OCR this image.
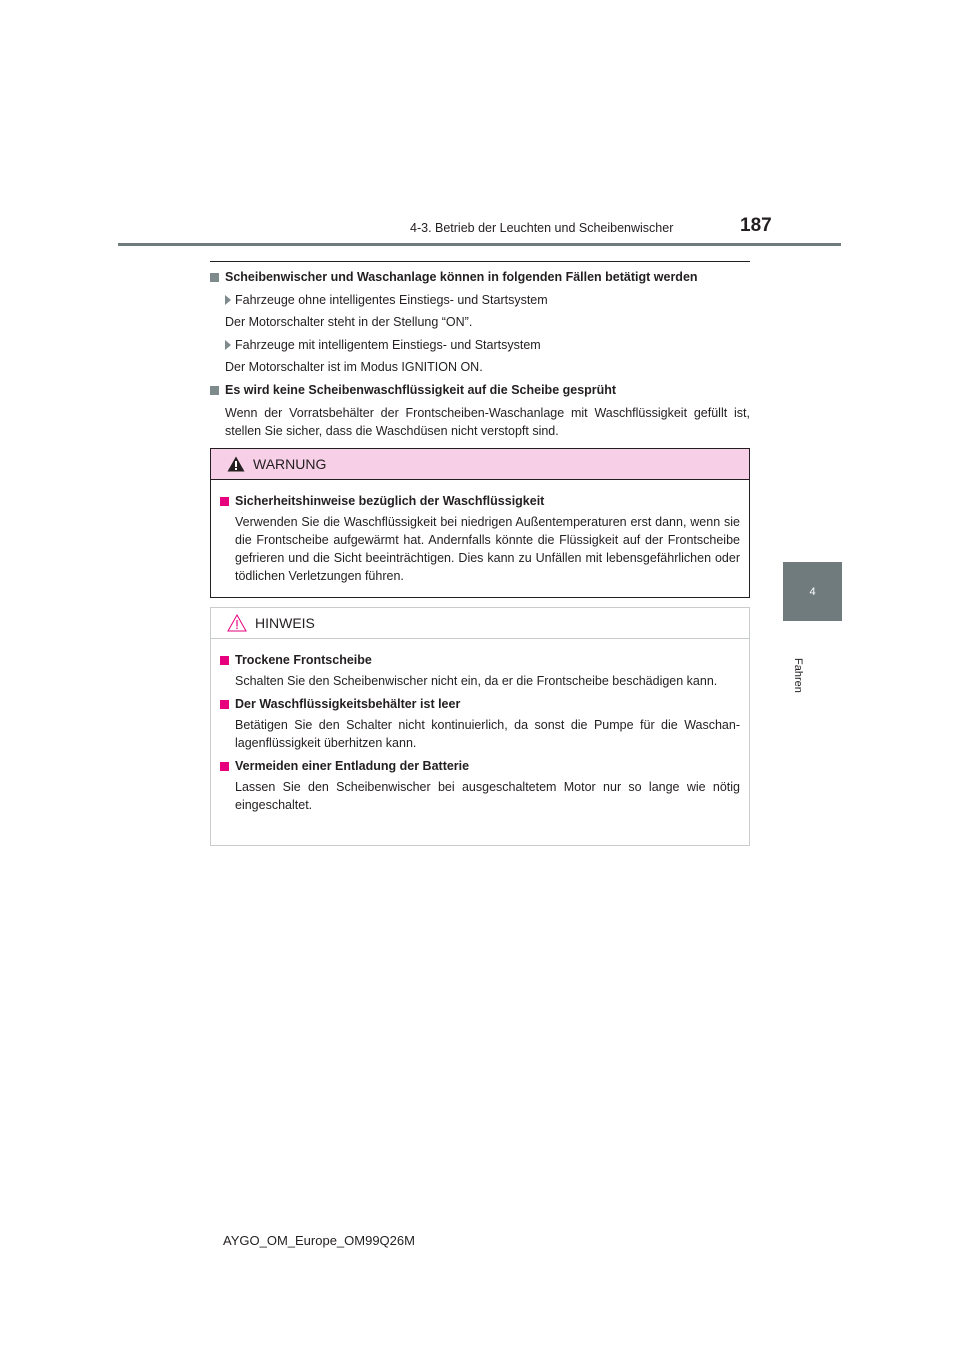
4-3. Betrieb der Leuchten und Scheibenwischer	187
4
Fahren
Scheibenwischer und Waschanlage können in folgenden Fällen betätigt werden
Fahrzeuge ohne intelligentes Einstiegs- und Startsystem
Der Motorschalter steht in der Stellung “ON”.
Fahrzeuge mit intelligentem Einstiegs- und Startsystem
Der Motorschalter ist im Modus IGNITION ON.
Es wird keine Scheibenwaschflüssigkeit auf die Scheibe gesprüht
Wenn der Vorratsbehälter der Frontscheiben-Waschanlage mit Waschflüssigkeit gefüllt ist, stellen Sie sicher, dass die Waschdüsen nicht verstopft sind.
WARNUNG
Sicherheitshinweise bezüglich der Waschflüssigkeit
Verwenden Sie die Waschflüssigkeit bei niedrigen Außentemperaturen erst dann, wenn sie die Frontscheibe aufgewärmt hat. Andernfalls könnte die Flüssigkeit auf der Frontscheibe gefrieren und die Sicht beeinträchtigen. Dies kann zu Unfällen mit lebensgefährlichen oder tödlichen Verletzungen führen.
HINWEIS
Trockene Frontscheibe
Schalten Sie den Scheibenwischer nicht ein, da er die Frontscheibe beschädigen kann.
Der Waschflüssigkeitsbehälter ist leer
Betätigen Sie den Schalter nicht kontinuierlich, da sonst die Pumpe für die Waschan-lagenflüssigkeit überhitzen kann.
Vermeiden einer Entladung der Batterie
Lassen Sie den Scheibenwischer bei ausgeschaltetem Motor nur so lange wie nötig eingeschaltet.
AYGO_OM_Europe_OM99Q26M
